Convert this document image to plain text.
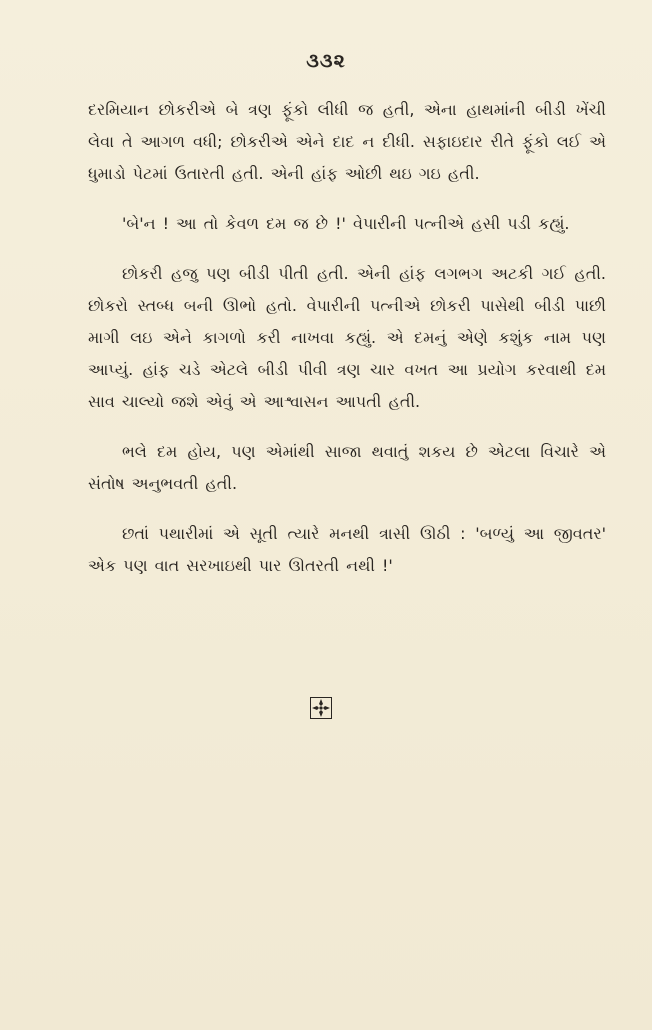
૩૩૨

દરમિયાન છોકરીએ બે ત્રણ ફૂંકો લીધી જ હતી, એના હાથમાંની બીડી ખેંચી લેવા તે આગળ વધી; છોકરીએ એને દાદ ન દીધી. સફાઇદાર રીતે ફૂંકો લઈ એ ધુમાડો પેટમાં ઉતારતી હતી. એની હાંફ ઓછી થઇ ગઇ હતી.

'બે'ન ! આ તો કેવળ દમ જ છે !' વેપારીની પત્નીએ હસી પડી કહ્યું.

છોકરી હજુ પણ બીડી પીતી હતી. એની હાંફ લગભગ અટકી ગઈ હતી. છોકરો સ્તબ્ધ બની ઊભો હતો. વેપારીની પત્નીએ છોકરી પાસેથી બીડી પાછી માગી લઇ એને કાગળો કરી નાખવા કહ્યું. એ દમનું એણે કશુંક નામ પણ આપ્યું. હાંફ ચડે એટલે બીડી પીવી ત્રણ ચાર વખત આ પ્રયોગ કરવાથી દમ સાવ ચાલ્યો જશે એવું એ આશ્વાસન આપતી હતી.

ભલે દમ હોય, પણ એમાંથી સાજા થવાતું શકય છે એટલા વિચારે એ સંતોષ અનુભવતી હતી.

છતાં પથારીમાં એ સૂતી ત્યારે મનથી ત્રાસી ઊઠી : 'બળ્યું આ જીવતર' એક પણ વાત સરખાઇથી પાર ઊતરતી નથી !'
